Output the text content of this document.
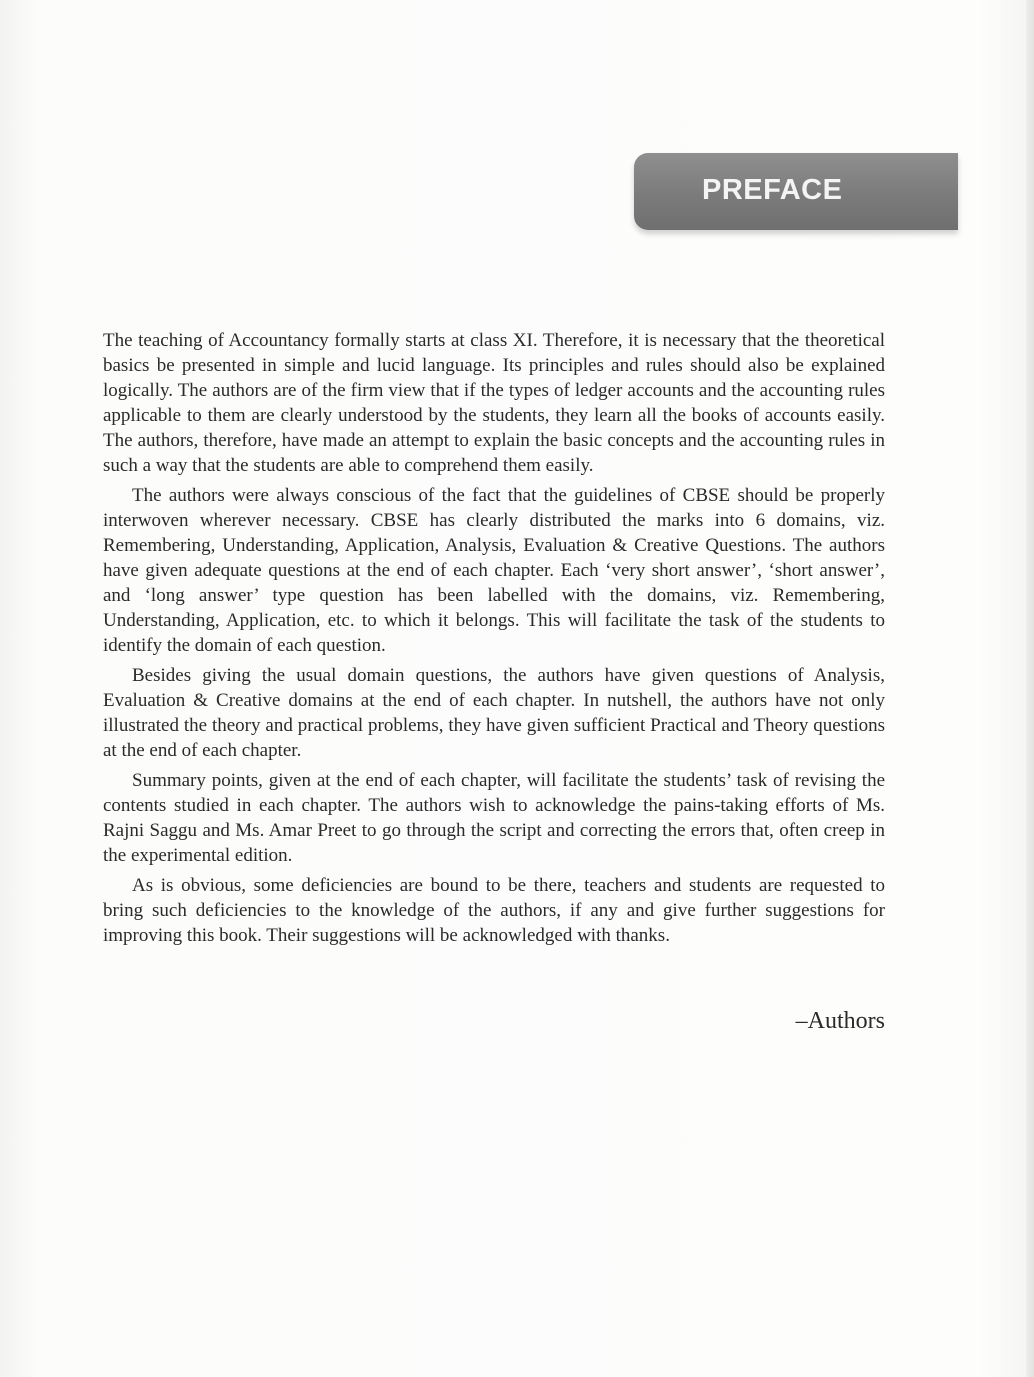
PREFACE

The teaching of Accountancy formally starts at class XI. Therefore, it is necessary that the theoretical basics be presented in simple and lucid language. Its principles and rules should also be explained logically. The authors are of the firm view that if the types of ledger accounts and the accounting rules applicable to them are clearly understood by the students, they learn all the books of accounts easily. The authors, therefore, have made an attempt to explain the basic concepts and the accounting rules in such a way that the students are able to comprehend them easily.

The authors were always conscious of the fact that the guidelines of CBSE should be properly interwoven wherever necessary. CBSE has clearly distributed the marks into 6 domains, viz. Remembering, Understanding, Application, Analysis, Evaluation & Creative Questions. The authors have given adequate questions at the end of each chapter. Each ‘very short answer’, ‘short answer’, and ‘long answer’ type question has been labelled with the domains, viz. Remembering, Understanding, Application, etc. to which it belongs. This will facilitate the task of the students to identify the domain of each question.

Besides giving the usual domain questions, the authors have given questions of Analysis, Evaluation & Creative domains at the end of each chapter. In nutshell, the authors have not only illustrated the theory and practical problems, they have given sufficient Practical and Theory questions at the end of each chapter.

Summary points, given at the end of each chapter, will facilitate the students’ task of revising the contents studied in each chapter. The authors wish to acknowledge the pains-taking efforts of Ms. Rajni Saggu and Ms. Amar Preet to go through the script and correcting the errors that, often creep in the experimental edition.

As is obvious, some deficiencies are bound to be there, teachers and students are requested to bring such deficiencies to the knowledge of the authors, if any and give further suggestions for improving this book. Their suggestions will be acknowledged with thanks.

–Authors
